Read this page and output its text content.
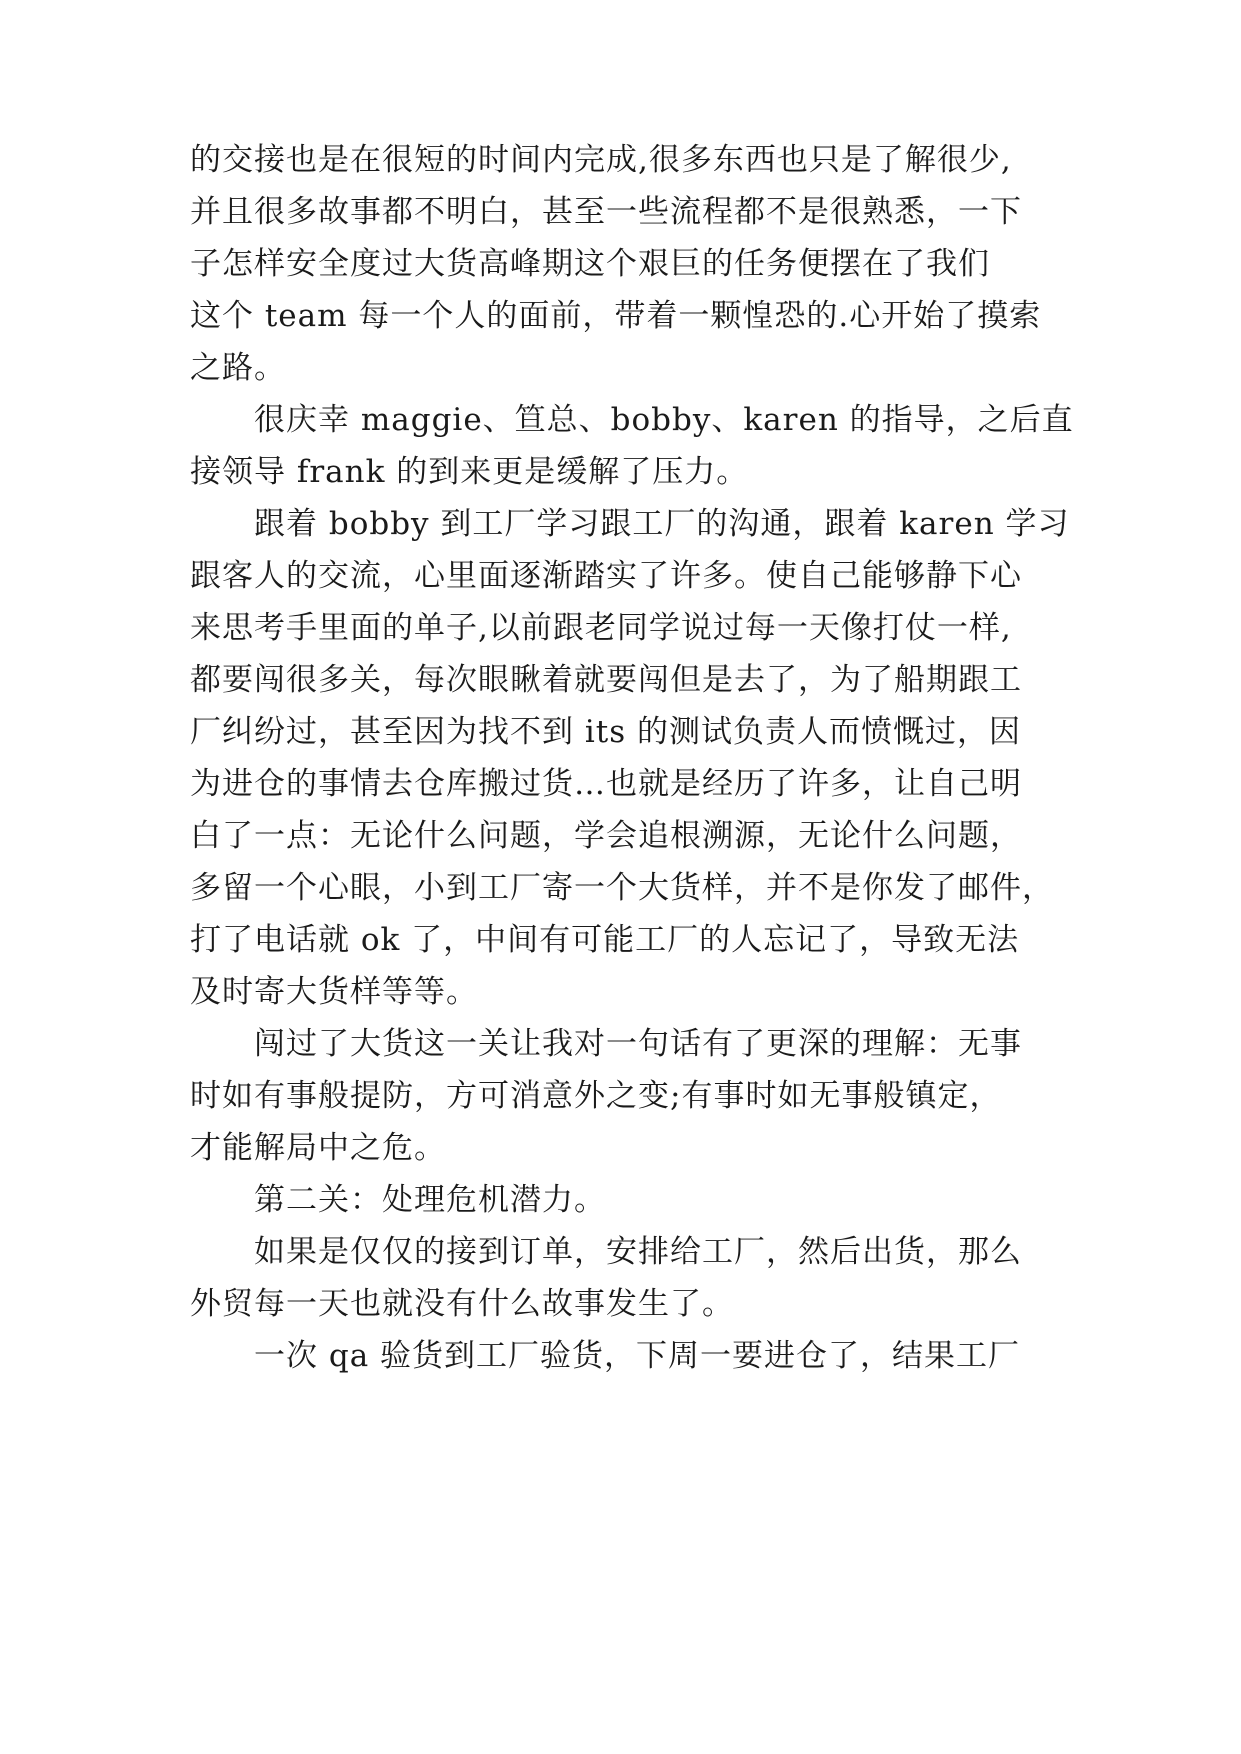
的交接也是在很短的时间内完成,很多东西也只是了解很少,
并且很多故事都不明白，甚至一些流程都不是很熟悉，一下
子怎样安全度过大货高峰期这个艰巨的任务便摆在了我们
这个 team 每一个人的面前，带着一颗惶恐的.心开始了摸索
之路。
很庆幸 maggie、笪总、bobby、karen 的指导，之后直
接领导 frank 的到来更是缓解了压力。
跟着 bobby 到工厂学习跟工厂的沟通，跟着 karen 学习
跟客人的交流，心里面逐渐踏实了许多。使自己能够静下心
来思考手里面的单子,以前跟老同学说过每一天像打仗一样,
都要闯很多关，每次眼瞅着就要闯但是去了，为了船期跟工
厂纠纷过，甚至因为找不到 its 的测试负责人而愤慨过，因
为进仓的事情去仓库搬过货…也就是经历了许多，让自己明
白了一点：无论什么问题，学会追根溯源，无论什么问题，
多留一个心眼，小到工厂寄一个大货样，并不是你发了邮件，
打了电话就 ok 了，中间有可能工厂的人忘记了，导致无法
及时寄大货样等等。
闯过了大货这一关让我对一句话有了更深的理解：无事
时如有事般提防，方可消意外之变;有事时如无事般镇定，
才能解局中之危。
第二关：处理危机潜力。
如果是仅仅的接到订单，安排给工厂，然后出货，那么
外贸每一天也就没有什么故事发生了。
一次 qa 验货到工厂验货，下周一要进仓了，结果工厂
